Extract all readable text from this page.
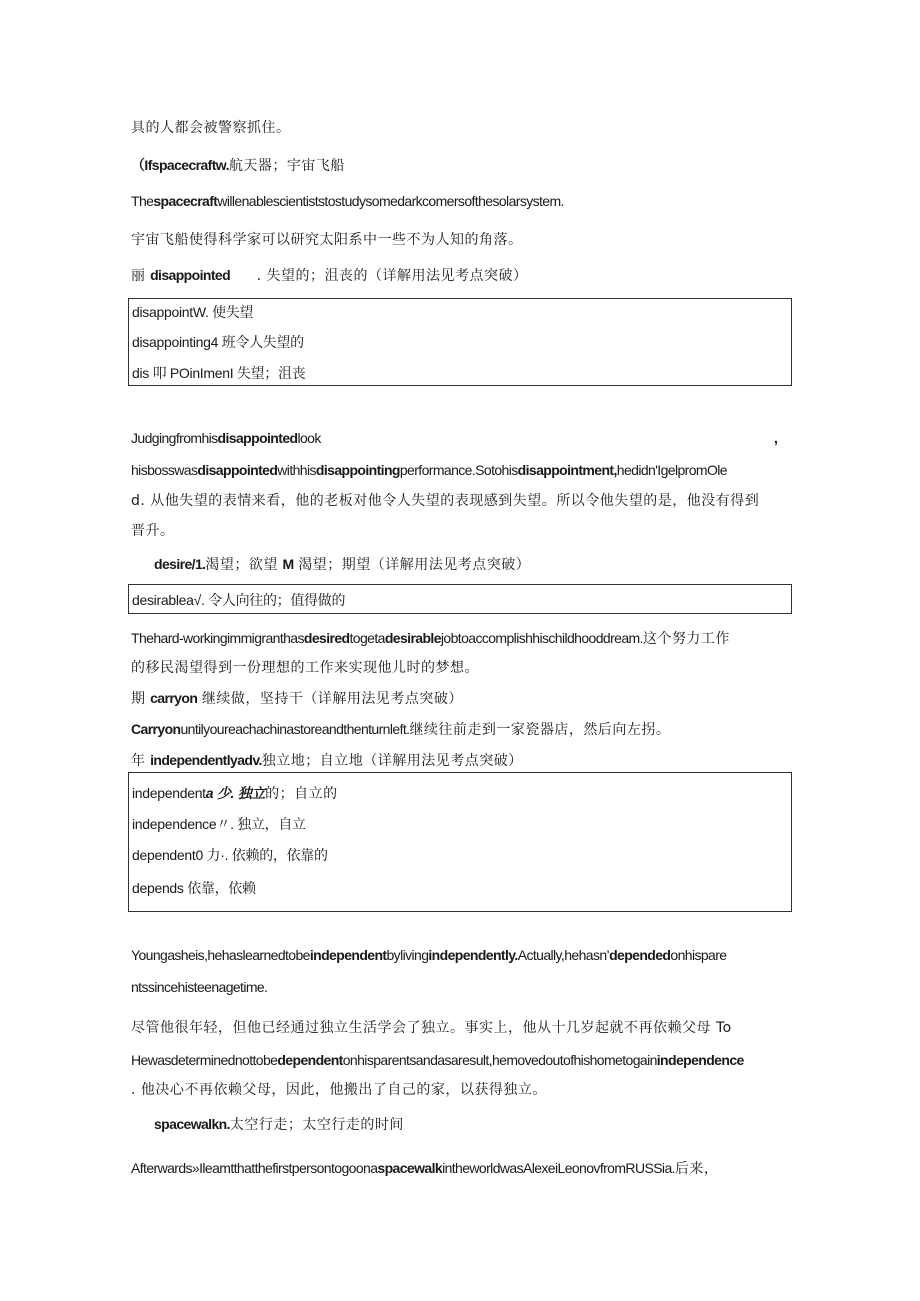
具的人都会被警察抓住。
（Ifspacecraftw.航天器；宇宙飞船
Thespacecraftwillenablescientiststostudysomedarkcomersofthesolarsystem.
宇宙飞船使得科学家可以研究太阳系中一些不为人知的角落。
丽 disappointed . 失望的；沮丧的（详解用法见考点突破）
disappointW. 使失望
disappointing4 班令人失望的
dis 叩 POinImenI 失望；沮丧
Judgingfromhisdisappointedlook	,
hisbosswasdisappointedwithhisdisappointingperformance.Sotohisdisappointment,hedidn'IgelpromOle
d. 从他失望的表情来看，他的老板对他令人失望的表现感到失望。所以令他失望的是，他没有得到
晋升。
desire/1.渴望；欲望 M 渴望；期望（详解用法见考点突破）
desirablea√. 令人向往的；值得做的
Thehard-workingimmigranthasdesiredtogetadesirablejobtoaccomplishhischildhooddream.这个努力工作
的移民渴望得到一份理想的工作来实现他儿时的梦想。
期 carryon 继续做，坚持干（详解用法见考点突破）
Carryonuntilyoureachachinastoreandthenturnleft.继续往前走到一家瓷器店，然后向左拐。
年 independentlyadv.独立地；自立地（详解用法见考点突破）
independenta 少. 独立的；自立的
independence〃. 独立，自立
dependent0 力·. 依赖的，依靠的
depends 依靠，依赖
Youngasheis,hehaslearnedtobeindependentbylivingindependently.Actually,hehasn’dependedonhispare
ntssincehisteenagetime.
尽管他很年轻，但他已经通过独立生活学会了独立。事实上，他从十几岁起就不再依赖父母 To
Hewasdeterminednottobedependentonhisparentsandasaresult,hemovedoutofhishometogainindependence
. 他决心不再依赖父母，因此，他搬出了自己的家，以获得独立。
spacewalkn.太空行走；太空行走的时间
Afterwards»IleamtthatthefirstpersontogoonaspacewalkintheworldwasAlexeiLeonovfromRUSSia.后来，
